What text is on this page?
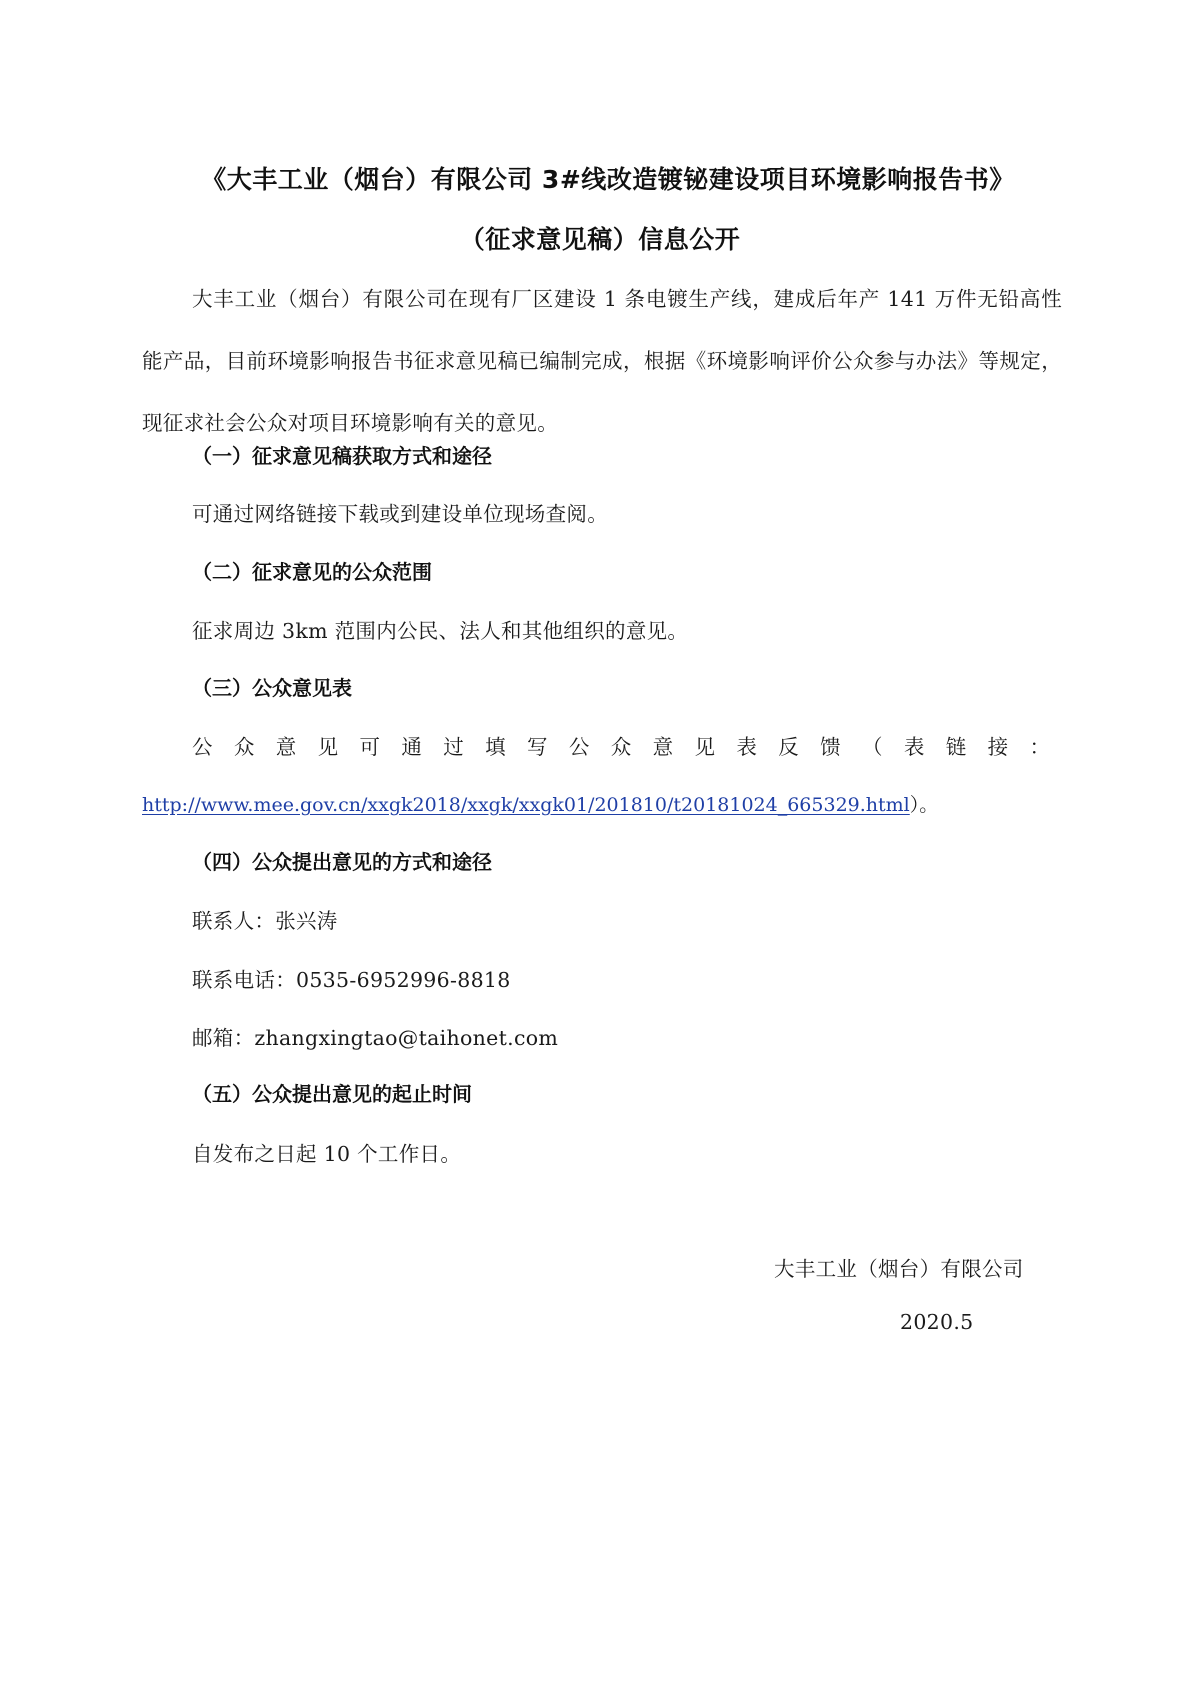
《大丰工业（烟台）有限公司 3#线改造镀铋建设项目环境影响报告书》
（征求意见稿）信息公开
大丰工业（烟台）有限公司在现有厂区建设 1 条电镀生产线，建成后年产 141 万件无铅高性能产品，目前环境影响报告书征求意见稿已编制完成，根据《环境影响评价公众参与办法》等规定，现征求社会公众对项目环境影响有关的意见。
（一）征求意见稿获取方式和途径
可通过网络链接下载或到建设单位现场查阅。
（二）征求意见的公众范围
征求周边 3km 范围内公民、法人和其他组织的意见。
（三）公众意见表
公 众 意 见 可 通 过 填 写 公 众 意 见 表 反 馈 （ 表 链 接 ：
http://www.mee.gov.cn/xxgk2018/xxgk/xxgk01/201810/t20181024_665329.html）。
（四）公众提出意见的方式和途径
联系人：张兴涛
联系电话：0535-6952996-8818
邮箱：zhangxingtao@taihonet.com
（五）公众提出意见的起止时间
自发布之日起 10 个工作日。
大丰工业（烟台）有限公司
2020.5
